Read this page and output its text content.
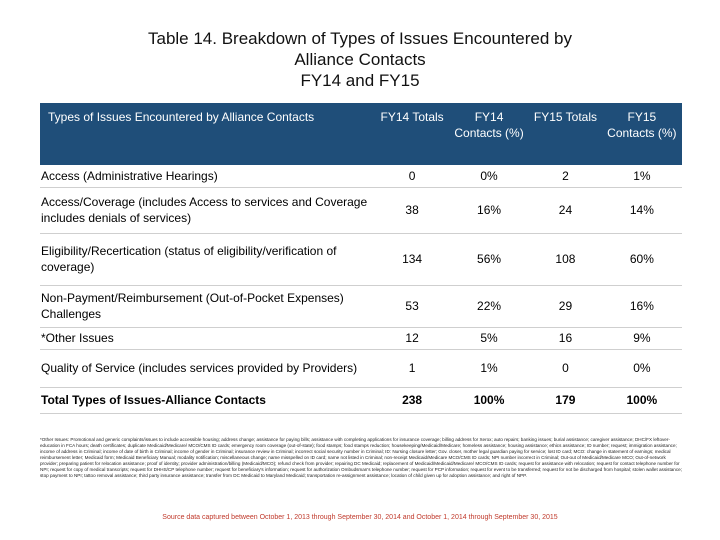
Table 14. Breakdown of Types of Issues Encountered by
Alliance Contacts
FY14 and FY15
Types of Issues Encountered by Alliance Contacts	FY14 Totals	FY14 Contacts (%)	FY15 Totals	FY15 Contacts (%)
Access (Administrative Hearings)	0	0%	2	1%
Access/Coverage (includes Access to services and Coverage includes denials of services)	38	16%	24	14%
Eligibility/Recertication (status of eligibility/verification of coverage)	134	56%	108	60%
Non-Payment/Reimbursement (Out-of-Pocket Expenses) Challenges	53	22%	29	16%
*Other Issues	12	5%	16	9%
Quality of Service (includes services provided by Providers)	1	1%	0	0%
Total Types of Issues-Alliance Contacts	238	100%	179	100%
*Other Issues: Promotional and generic complaints/issues to include accessible housing; address change; assistance for paying bills; assistance with completing applications for insurance coverage; billing address for Xerox; auto repairs; banking issues; burial assistance; caregiver assistance; DHC/FX leftover-education in FCA hours; death certificates; duplicate Medicaid/Medicare/ MCO/CMS ID cards; emergency room coverage (out-of-state); food stamps; food stamps reduction; housekeeping/Medicaid/Medicare; homeless assistance; housing assistance; ethics assistance; ID number; request; immigration assistance; income of address in Criminal; income of date of birth in Criminal; income of gender in Criminal; insurance review in Criminal; incorrect social security number in Criminal; ID: Nursing closure letter; Gov. closer, mother legal guardian paying for service; lost ID card; MCO: change in statement of earnings; medical reimbursement letter; Medicaid form; Medicaid Beneficiary Manual; modality notification; miscellaneous change; name misspelled on ID card; name not listed in Criminal; non-receipt Medicaid/Medicare MCO/CMS ID cards; NPI number incorrect in Criminal; Out-out of Medicaid/Medicare MCO; Out-of-network provider; preparing patient for relocation assistance; proof of identity; provider administration/billing (Medicaid/MCO); refund check from provider; repairing DC Medicaid; replacement of Medicaid/Medicaid/Medicare/ MCO/CMS ID cards; request for assistance with relocation; request for contact telephone number for NPI; request for copy of medical transcripts; request for DHHS/CP telephone number; request for beneficiary's information; request for authorization Ombudsman's telephone number; request for PCP information; request for event to be transferred; request for not be discharged from hospital; stolen wallet assistance; stop payment to NPI; tattoo removal assistance; third party insurance assistance; transfer from DC Medicaid to Maryland Medicaid; transportation re-assignment assistance; location of child given up for adoption assistance; and right of NPP.
Source data captured between October 1, 2013 through September 30, 2014 and October 1, 2014 through September 30, 2015
